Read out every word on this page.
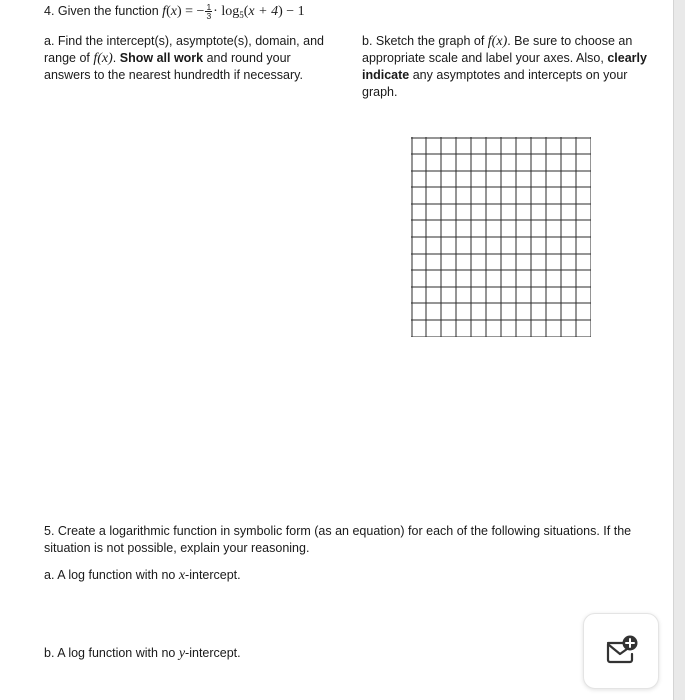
4. Given the function f(x) = − $\frac{1}{3} \cdot \log_5(x + 4) - 1$
a. Find the intercept(s), asymptote(s), domain, and
range of f(x). Show all work and round your
answers to the nearest hundredth if necessary.
b. Sketch the graph of f(x). Be sure to choose an
appropriate scale and label your axes. Also, clearly
indicate any asymptotes and intercepts on your
graph.
5. Create a logarithmic function in symbolic form (as an equation) for each of the following situations. If the
situation is not possible, explain your reasoning.
a. A log function with no x-intercept.
b. A log function with no y-intercept.
